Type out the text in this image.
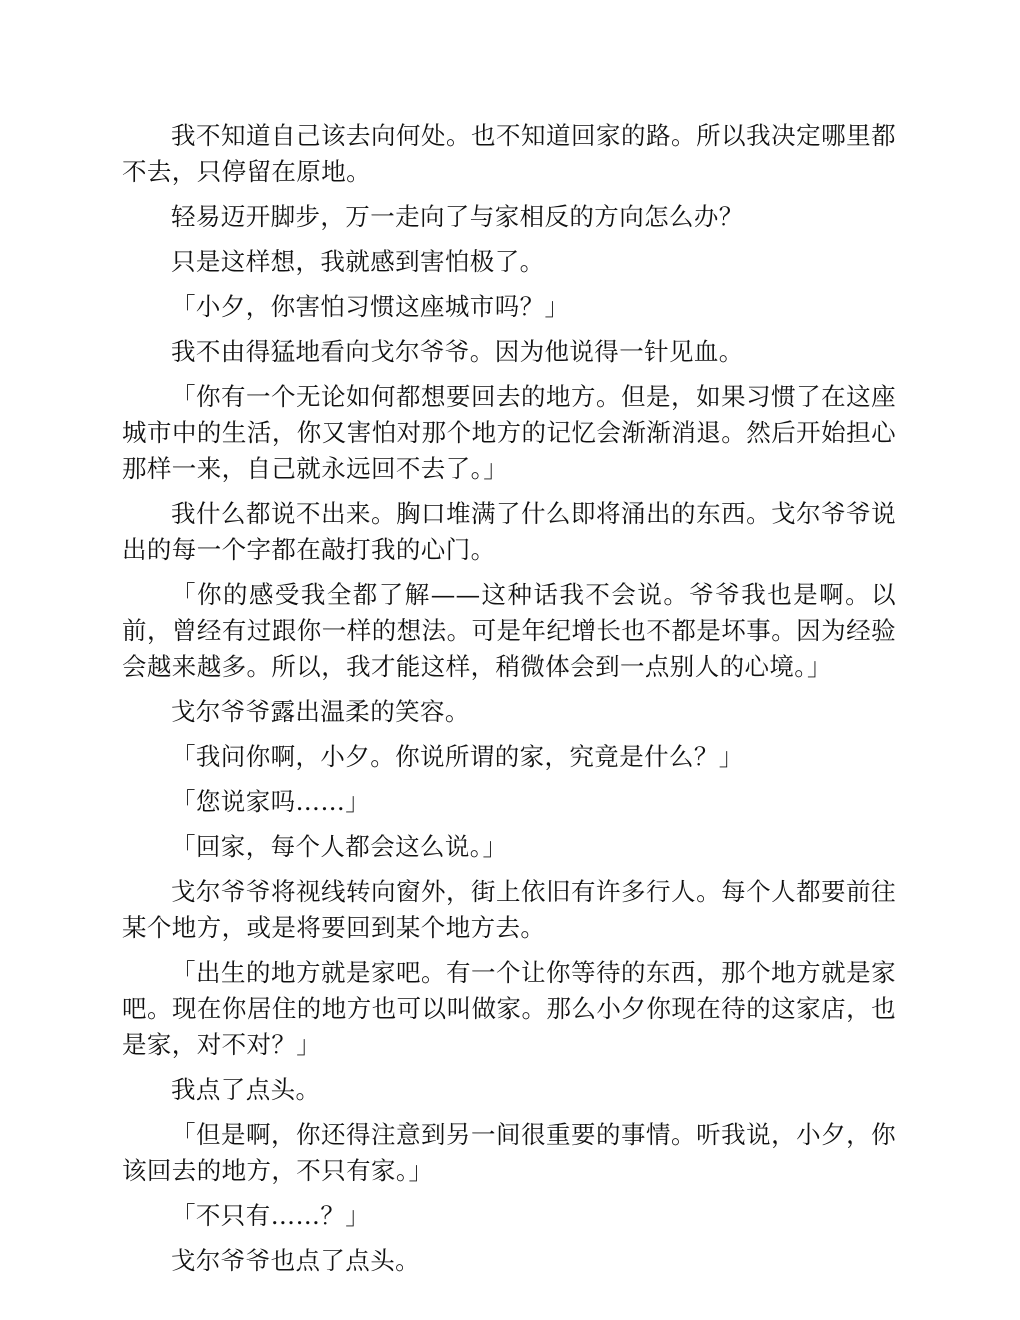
我不知道自己该去向何处。也不知道回家的路。所以我决定哪里都不去，只停留在原地。

轻易迈开脚步，万一走向了与家相反的方向怎么办？

只是这样想，我就感到害怕极了。

「小夕，你害怕习惯这座城市吗？」

我不由得猛地看向戈尔爷爷。因为他说得一针见血。

「你有一个无论如何都想要回去的地方。但是，如果习惯了在这座城市中的生活，你又害怕对那个地方的记忆会渐渐消退。然后开始担心那样一来，自己就永远回不去了。」

我什么都说不出来。胸口堆满了什么即将涌出的东西。戈尔爷爷说出的每一个字都在敲打我的心门。

「你的感受我全都了解——这种话我不会说。爷爷我也是啊。以前，曾经有过跟你一样的想法。可是年纪增长也不都是坏事。因为经验会越来越多。所以，我才能这样，稍微体会到一点别人的心境。」

戈尔爷爷露出温柔的笑容。

「我问你啊，小夕。你说所谓的家，究竟是什么？」

「您说家吗……」

「回家，每个人都会这么说。」

戈尔爷爷将视线转向窗外，街上依旧有许多行人。每个人都要前往某个地方，或是将要回到某个地方去。

「出生的地方就是家吧。有一个让你等待的东西，那个地方就是家吧。现在你居住的地方也可以叫做家。那么小夕你现在待的这家店，也是家，对不对？」

我点了点头。

「但是啊，你还得注意到另一间很重要的事情。听我说，小夕，你该回去的地方，不只有家。」

「不只有……？」

戈尔爷爷也点了点头。
